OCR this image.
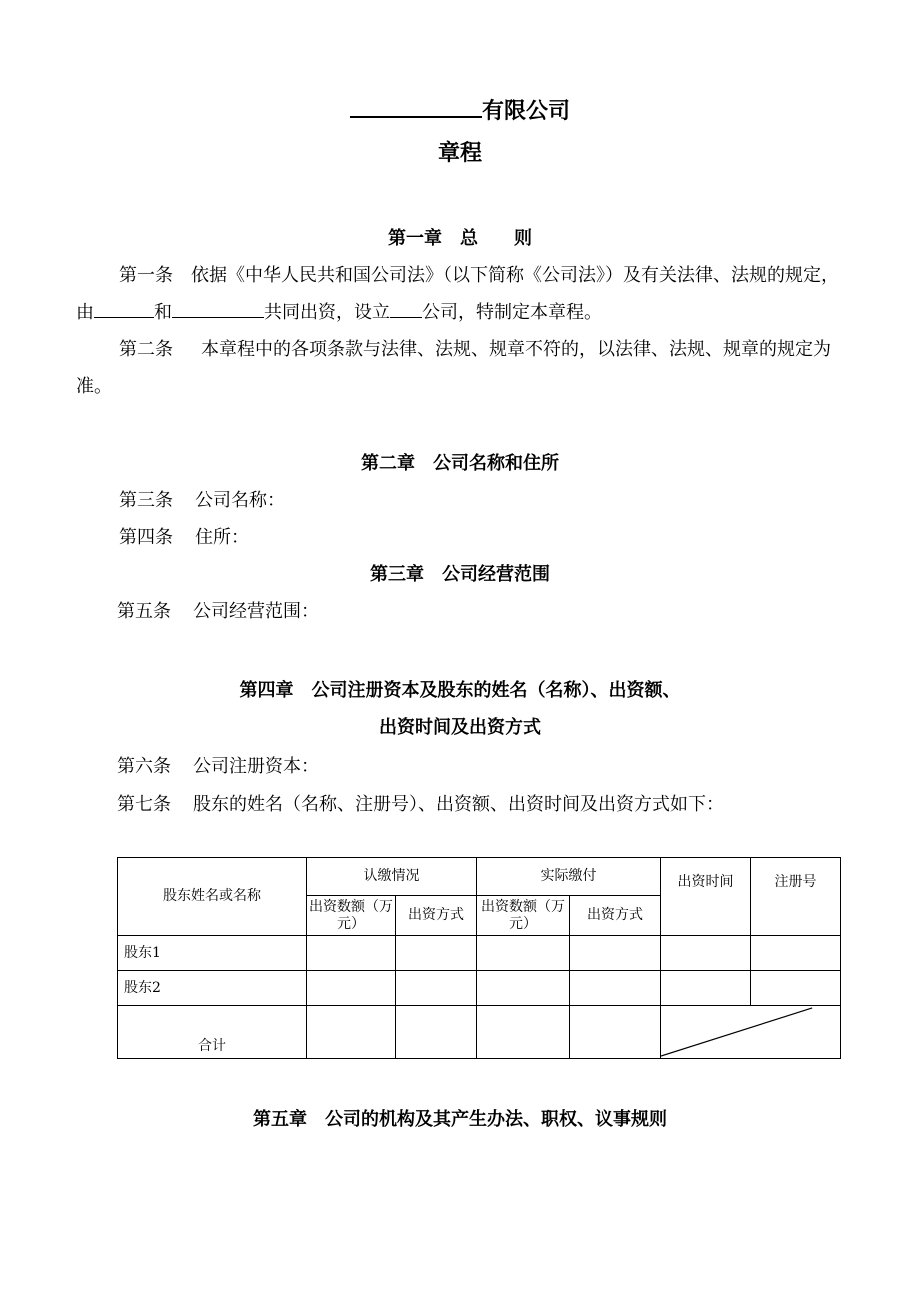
有限公司
章程
第一章　总　　则
第一条 依据《中华人民共和国公司法》（以下简称《公司法》）及有关法律、法规的规定，由	和	共同出资，设立 公司，特制定本章程。
第二条 本章程中的各项条款与法律、法规、规章不符的，以法律、法规、规章的规定为准。
第二章　公司名称和住所
第三条 公司名称：
第四条 住所：
第三章　公司经营范围
第五条 公司经营范围：
第四章　公司注册资本及股东的姓名（名称）、出资额、
出资时间及出资方式
第六条 公司注册资本：
第七条 股东的姓名（名称、注册号）、出资额、出资时间及出资方式如下：
股东姓名或名称	认缴情况		实际缴付		出资时间	注册号
	出资数额（万元）	出资方式	出资数额（万元）	出资方式		
股东1						
股东2						
合计					
第五章　公司的机构及其产生办法、职权、议事规则
